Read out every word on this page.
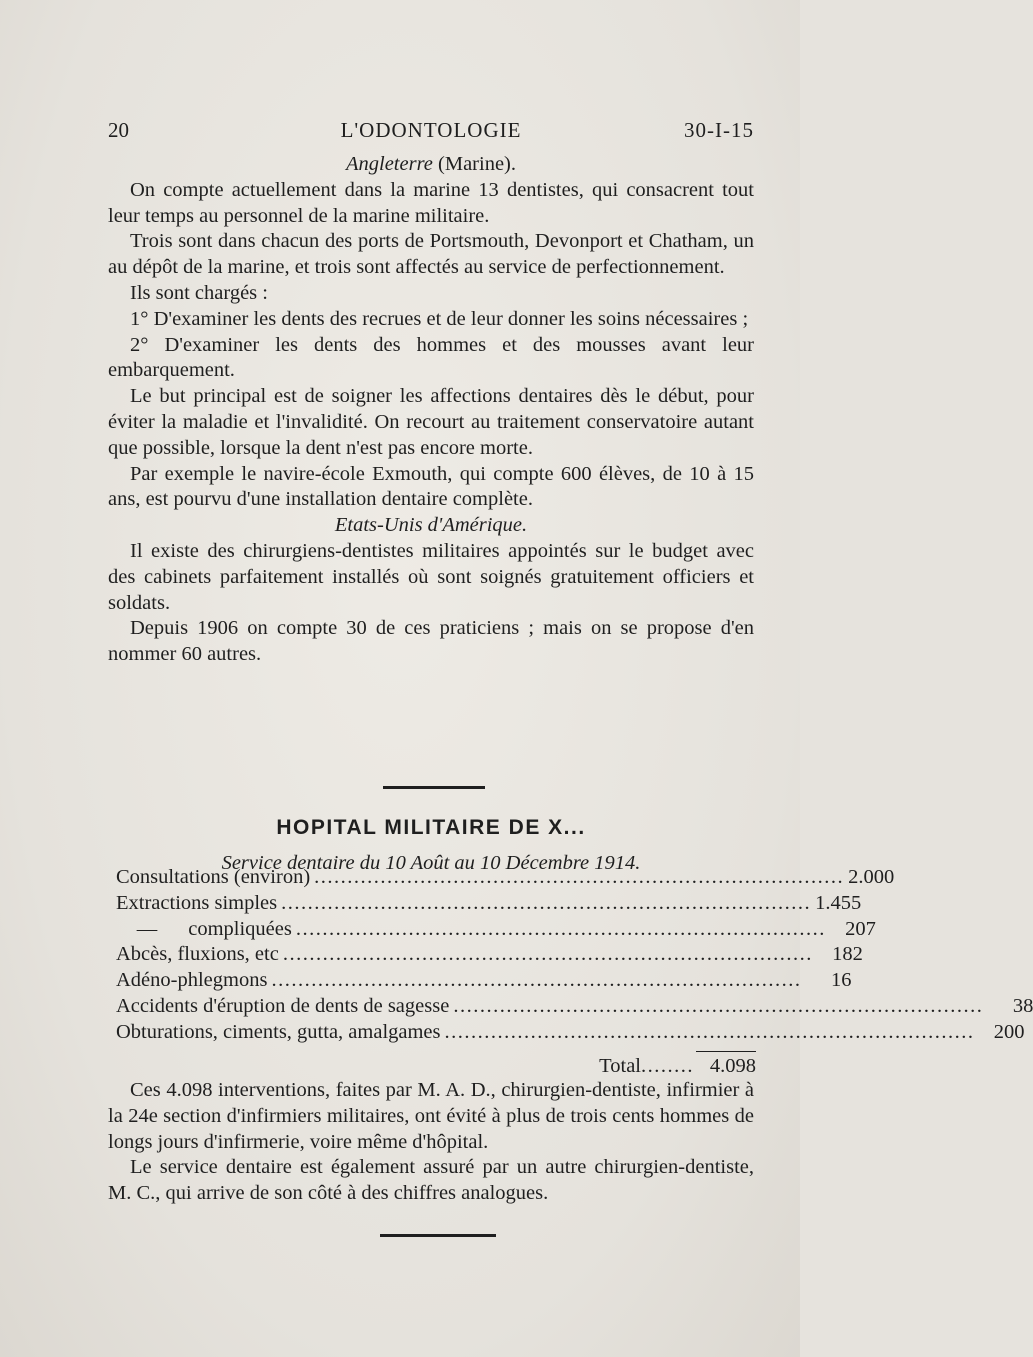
20	L'ODONTOLOGIE	30-I-15

Angleterre (Marine).

On compte actuellement dans la marine 13 dentistes, qui consacrent tout leur temps au personnel de la marine militaire.

Trois sont dans chacun des ports de Portsmouth, Devonport et Chatham, un au dépôt de la marine, et trois sont affectés au service de perfectionnement.

Ils sont chargés :

1° D'examiner les dents des recrues et de leur donner les soins nécessaires ;

2° D'examiner les dents des hommes et des mousses avant leur embarquement.

Le but principal est de soigner les affections dentaires dès le début, pour éviter la maladie et l'invalidité. On recourt au traitement conservatoire autant que possible, lorsque la dent n'est pas encore morte.

Par exemple le navire-école Exmouth, qui compte 600 élèves, de 10 à 15 ans, est pourvu d'une installation dentaire complète.

Etats-Unis d'Amérique.

Il existe des chirurgiens-dentistes militaires appointés sur le budget avec des cabinets parfaitement installés où sont soignés gratuitement officiers et soldats.

Depuis 1906 on compte 30 de ces praticiens ; mais on se propose d'en nommer 60 autres.

HOPITAL MILITAIRE DE X...
Service dentaire du 10 Août au 10 Décembre 1914.
Consultations (environ) ................................................................................ 2.000
Extractions simples ................................................................................ 1.455
— compliquées ................................................................................ 207
Abcès, fluxions, etc ................................................................................ 182
Adéno-phlegmons ................................................................................	16
Accidents d'éruption de dents de sagesse ................................................................................	38
Obturations, ciments, gutta, amalgames ................................................................................ 200
Total ........ 4.098

Ces 4.098 interventions, faites par M. A. D., chirurgien-dentiste, infirmier à la 24e section d'infirmiers militaires, ont évité à plus de trois cents hommes de longs jours d'infirmerie, voire même d'hôpital.

Le service dentaire est également assuré par un autre chirurgien-dentiste, M. C., qui arrive de son côté à des chiffres analogues.
